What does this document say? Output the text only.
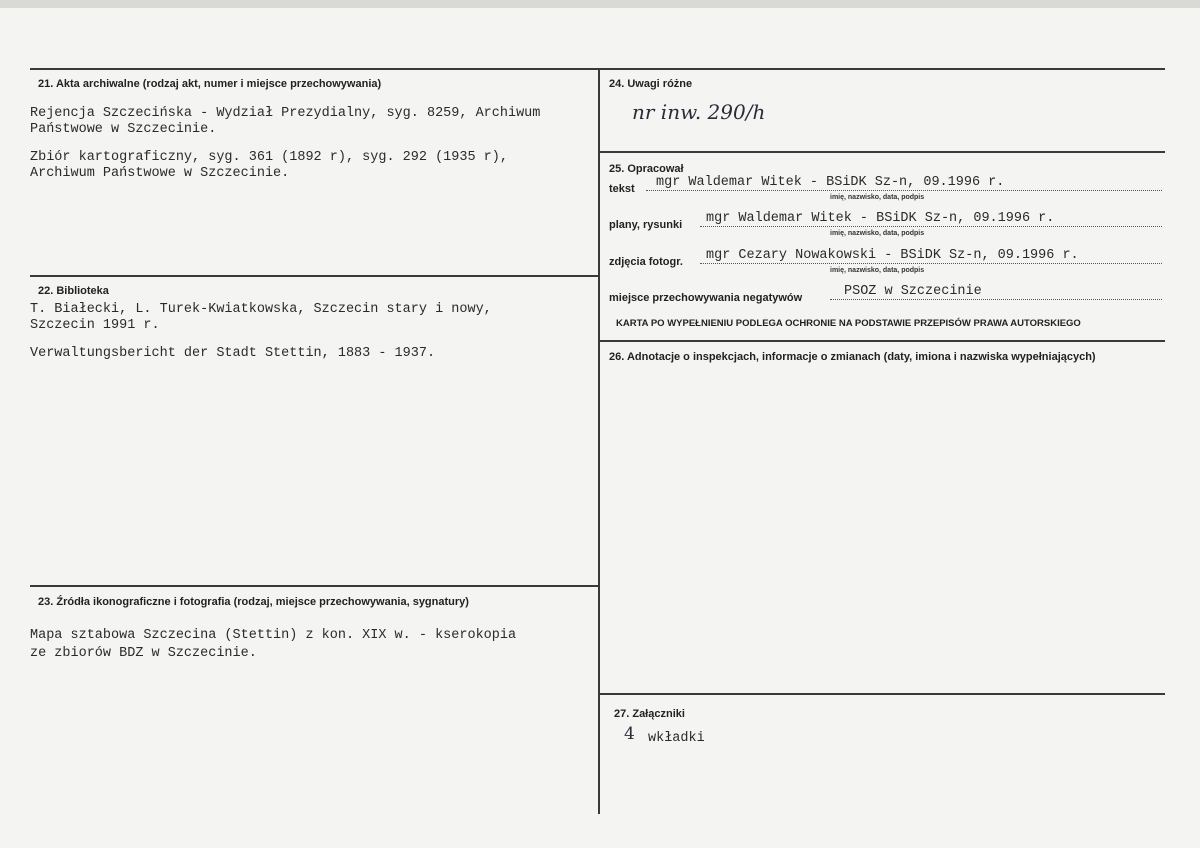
21. Akta archiwalne (rodzaj akt, numer i miejsce przechowywania)
Rejencja Szczecińska - Wydział Prezydialny, syg. 8259, Archiwum
Państwowe w Szczecinie.
Zbiór kartograficzny, syg. 361 (1892 r), syg. 292 (1935 r),
Archiwum Państwowe w Szczecinie.
22. Biblioteka
T. Białecki, L. Turek-Kwiatkowska, Szczecin stary i nowy,
Szczecin 1991 r.
Verwaltungsbericht der Stadt Stettin, 1883 - 1937.
23. Źródła ikonograficzne i fotografia (rodzaj, miejsce przechowywania, sygnatury)
Mapa sztabowa Szczecina (Stettin) z kon. XIX w. - kserokopia
ze zbiorów BDZ w Szczecinie.
24. Uwagi różne
nr inw. 290/h
25. Opracował
tekst mgr Waldemar Witek - BSiDK Sz-n, 09.1996 r.
imię, nazwisko, data, podpis
plany, rysunki mgr Waldemar Witek - BSiDK Sz-n, 09.1996 r.
imię, nazwisko, data, podpis
zdjęcia fotogr. mgr Cezary Nowakowski - BSiDK Sz-n, 09.1996 r.
imię, nazwisko, data, podpis
miejsce przechowywania negatywów	PSOZ w Szczecinie
KARTA PO WYPEŁNIENIU PODLEGA OCHRONIE NA PODSTAWIE PRZEPISÓW PRAWA AUTORSKIEGO
26. Adnotacje o inspekcjach, informacje o zmianach (daty, imiona i nazwiska wypełniających)
27. Załączniki
4 wkładki
